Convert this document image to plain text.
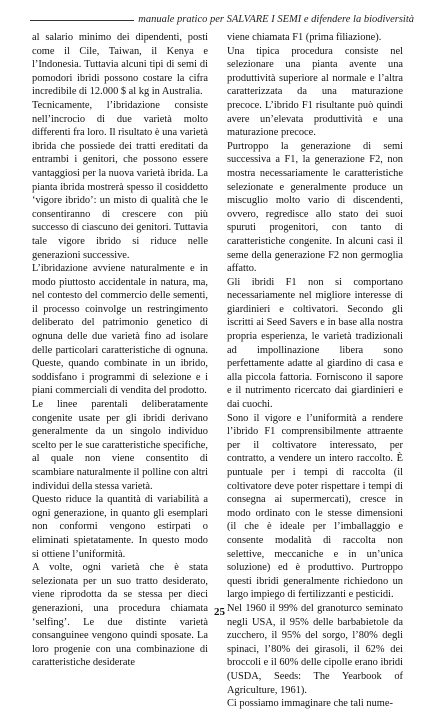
manuale pratico per SALVARE I SEMI e difendere la biodiversità

al salario minimo dei dipendenti, posti come il Cile, Taiwan, il Kenya e l’Indonesia. Tuttavia alcuni tipi di semi di pomodori ibridi possono costare la cifra incredibile di 12.000 $ al kg in Australia.

Tecnicamente, l’ibridazione consiste nell’incrocio di due varietà molto differenti fra loro. Il risultato è una varietà ibrida che possiede dei tratti ereditati da entrambi i genitori, che possono essere vantaggiosi per la nuova varietà ibrida. La pianta ibrida mostrerà spesso il cosiddetto ‘vigore ibrido’: un misto di qualità che le consentiranno di crescere con più successo di ciascuno dei genitori. Tuttavia tale vigore ibrido si riduce nelle generazioni successive.

L’ibridazione avviene naturalmente e in modo piuttosto accidentale in natura, ma, nel contesto del commercio delle sementi, il processo coinvolge un restringimento deliberato del patrimonio genetico di ognuna delle due varietà fino ad isolare delle particolari caratteristiche di ognuna. Queste, quando combinate in un ibrido, soddisfano i programmi di selezione e i piani commerciali di vendita del prodotto.

Le linee parentali deliberatamente congenite usate per gli ibridi derivano generalmente da un singolo individuo scelto per le sue caratteristiche specifiche, al quale non viene consentito di scambiare naturalmente il polline con altri individui della stessa varietà.

Questo riduce la quantità di variabilità a ogni generazione, in quanto gli esemplari non conformi vengono estirpati o eliminati spietatamente. In questo modo si ottiene l’uniformità.

A volte, ogni varietà che è stata selezionata per un suo tratto desiderato, viene riprodotta da se stessa per dieci generazioni, una procedura chiamata ‘selfing’. Le due distinte varietà consanguinee vengono quindi sposate. La loro progenie con una combinazione di caratteristiche desiderate

viene chiamata F1 (prima filiazione).

Una tipica procedura consiste nel selezionare una pianta avente una produttività superiore al normale e l’altra caratterizzata da una maturazione precoce. L’ibrido F1 risultante può quindi avere un’elevata produttività e una maturazione precoce.

Purtroppo la generazione di semi successiva a F1, la generazione F2, non mostra necessariamente le caratteristiche selezionate e generalmente produce un miscuglio molto vario di discendenti, ovvero, regredisce allo stato dei suoi spuruti progenitori, con tanto di caratteristiche congenite. In alcuni casi il seme della generazione F2 non germoglia affatto.

Gli ibridi F1 non si comportano necessariamente nel migliore interesse di giardinieri e coltivatori. Secondo gli iscritti ai Seed Savers e in base alla nostra propria esperienza, le varietà tradizionali ad impollinazione libera sono perfettamente adatte al giardino di casa e alla piccola fattoria. Forniscono il sapore e il nutrimento ricercato dai giardinieri e dai cuochi.

Sono il vigore e l’uniformità a rendere l’ibrido F1 comprensibilmente attraente per il coltivatore interessato, per contratto, a vendere un intero raccolto. È puntuale per i tempi di raccolta (il coltivatore deve poter rispettare i tempi di consegna ai supermercati), cresce in modo ordinato con le stesse dimensioni (il che è ideale per l’imballaggio e consente modalità di raccolta non selettive, meccaniche e in un’unica soluzione) ed è produttivo. Purtroppo questi ibridi generalmente richiedono un largo impiego di fertilizzanti e pesticidi.

Nel 1960 il 99% del granoturco seminato negli USA, il 95% delle barbabietole da zucchero, il 95% del sorgo, l’80% degli spinaci, l’80% dei girasoli, il 62% dei broccoli e il 60% delle cipolle erano ibridi (USDA, Seeds: The Yearbook of Agriculture, 1961).

Ci possiamo immaginare che tali nume-

25
